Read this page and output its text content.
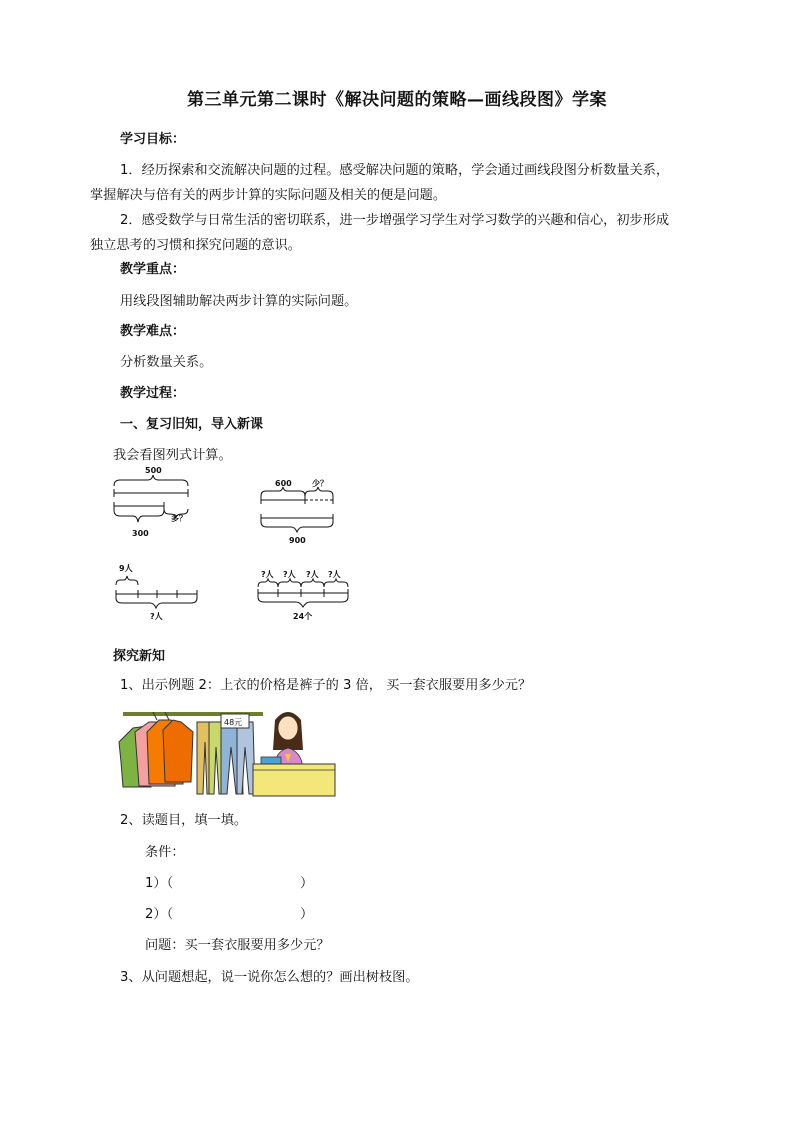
第三单元第二课时《解决问题的策略—画线段图》学案
学习目标：
1．经历探索和交流解决问题的过程。感受解决问题的策略，学会通过画线段图分析数量关系，
掌握解决与倍有关的两步计算的实际问题及相关的便是问题。
2．感受数学与日常生活的密切联系，进一步增强学习学生对学习数学的兴趣和信心，初步形成
独立思考的习惯和探究问题的意识。
教学重点：
用线段图辅助解决两步计算的实际问题。
教学难点：
分析数量关系。
教学过程：
一、复习旧知，导入新课
我会看图列式计算。
500
300
多？
600	少？
900
9人
?人
?人 ?人 ?人 ?人
24个
探究新知
1、出示例题 2：上衣的价格是裤子的 3 倍， 买一套衣服要用多少元？
48元
2、读题目，填一填。
条件：
1）（	）
2）（	）
问题：买一套衣服要用多少元？
3、从问题想起，说一说你怎么想的？画出树枝图。
